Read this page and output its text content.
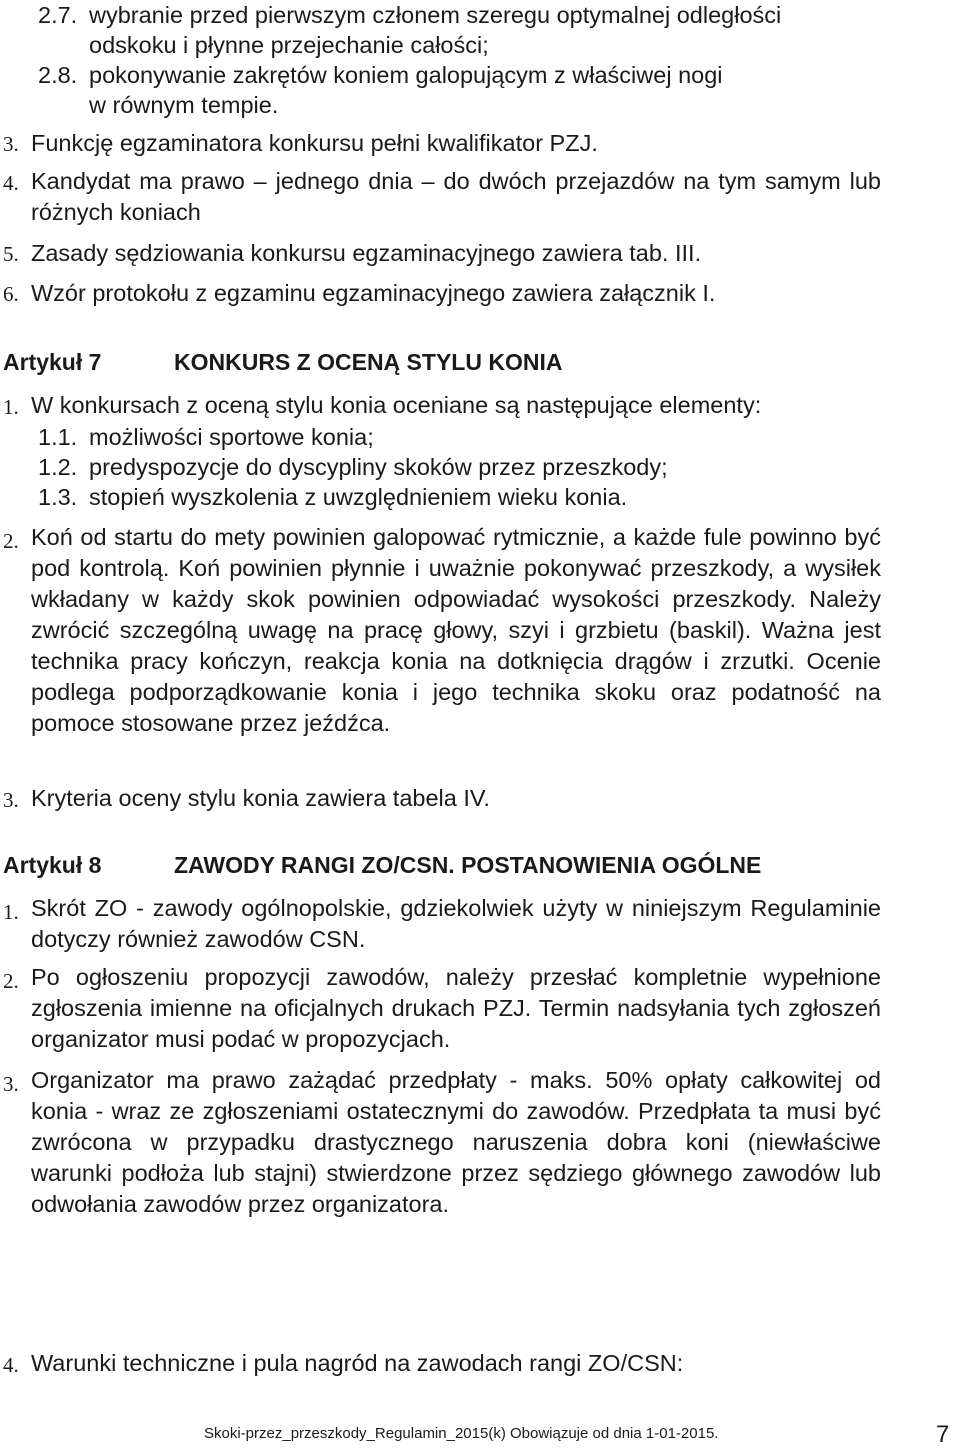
2.7. wybranie przed pierwszym członem szeregu optymalnej odległości
odskoku i płynne przejechanie całości;
2.8. pokonywanie zakrętów koniem galopującym z właściwej nogi
w równym tempie.
3. Funkcję egzaminatora konkursu pełni kwalifikator PZJ.
4. Kandydat ma prawo – jednego dnia – do dwóch przejazdów na tym samym lub różnych koniach
5. Zasady sędziowania konkursu egzaminacyjnego zawiera tab. III.
6. Wzór protokołu z egzaminu egzaminacyjnego zawiera załącznik I.
Artykuł 7	KONKURS Z OCENĄ STYLU KONIA
1. W konkursach z oceną stylu konia oceniane są następujące elementy:
1.1. możliwości sportowe konia;
1.2. predyspozycje do dyscypliny skoków przez przeszkody;
1.3. stopień wyszkolenia z uwzględnieniem wieku konia.
2. Koń od startu do mety powinien galopować rytmicznie, a każde fule powinno być pod kontrolą. Koń powinien płynnie i uważnie pokonywać przeszkody, a wysiłek wkładany w każdy skok powinien odpowiadać wysokości przeszkody. Należy zwrócić szczególną uwagę na pracę głowy, szyi i grzbietu (baskil). Ważna jest technika pracy kończyn, reakcja konia na dotknięcia drągów i zrzutki. Ocenie podlega podporządkowanie konia i jego technika skoku oraz podatność na pomoce stosowane przez jeźdźca.
3. Kryteria oceny stylu konia zawiera tabela IV.
Artykuł 8	ZAWODY RANGI ZO/CSN. POSTANOWIENIA OGÓLNE
1. Skrót ZO - zawody ogólnopolskie, gdziekolwiek użyty w niniejszym Regulaminie dotyczy również zawodów CSN.
2. Po ogłoszeniu propozycji zawodów, należy przesłać kompletnie wypełnione zgłoszenia imienne na oficjalnych drukach PZJ. Termin nadsyłania tych zgłoszeń organizator musi podać w propozycjach.
3. Organizator ma prawo zażądać przedpłaty - maks. 50% opłaty całkowitej od konia - wraz ze zgłoszeniami ostatecznymi do zawodów. Przedpłata ta musi być zwrócona w przypadku drastycznego naruszenia dobra koni (niewłaściwe warunki podłoża lub stajni) stwierdzone przez sędziego głównego zawodów lub odwołania zawodów przez organizatora.
4. Warunki techniczne i pula nagród na zawodach rangi ZO/CSN:
Skoki-przez_przeszkody_Regulamin_2015(k) Obowiązuje od dnia 1-01-2015.	7
